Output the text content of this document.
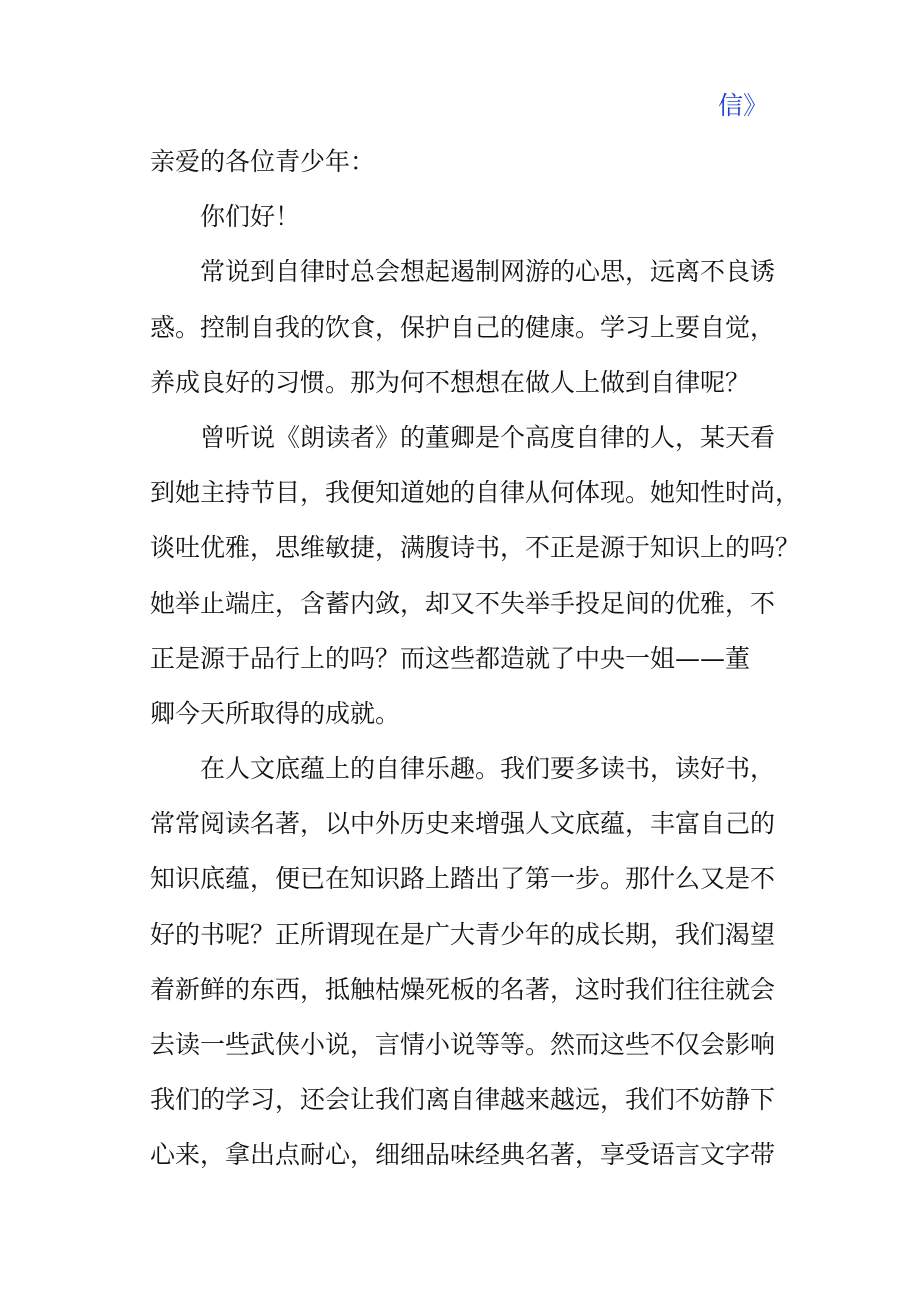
信》
亲爱的各位青少年：
你们好！
常说到自律时总会想起遏制网游的心思，远离不良诱
惑。控制自我的饮食，保护自己的健康。学习上要自觉，
养成良好的习惯。那为何不想想在做人上做到自律呢？
曾听说《朗读者》的董卿是个高度自律的人，某天看
到她主持节目，我便知道她的自律从何体现。她知性时尚，
谈吐优雅，思维敏捷，满腹诗书，不正是源于知识上的吗？
她举止端庄，含蓄内敛，却又不失举手投足间的优雅，不
正是源于品行上的吗？而这些都造就了中央一姐——董
卿今天所取得的成就。
在人文底蕴上的自律乐趣。我们要多读书，读好书，
常常阅读名著，以中外历史来增强人文底蕴，丰富自己的
知识底蕴，便已在知识路上踏出了第一步。那什么又是不
好的书呢？正所谓现在是广大青少年的成长期，我们渴望
着新鲜的东西，抵触枯燥死板的名著，这时我们往往就会
去读一些武侠小说，言情小说等等。然而这些不仅会影响
我们的学习，还会让我们离自律越来越远，我们不妨静下
心来，拿出点耐心，细细品味经典名著，享受语言文字带
